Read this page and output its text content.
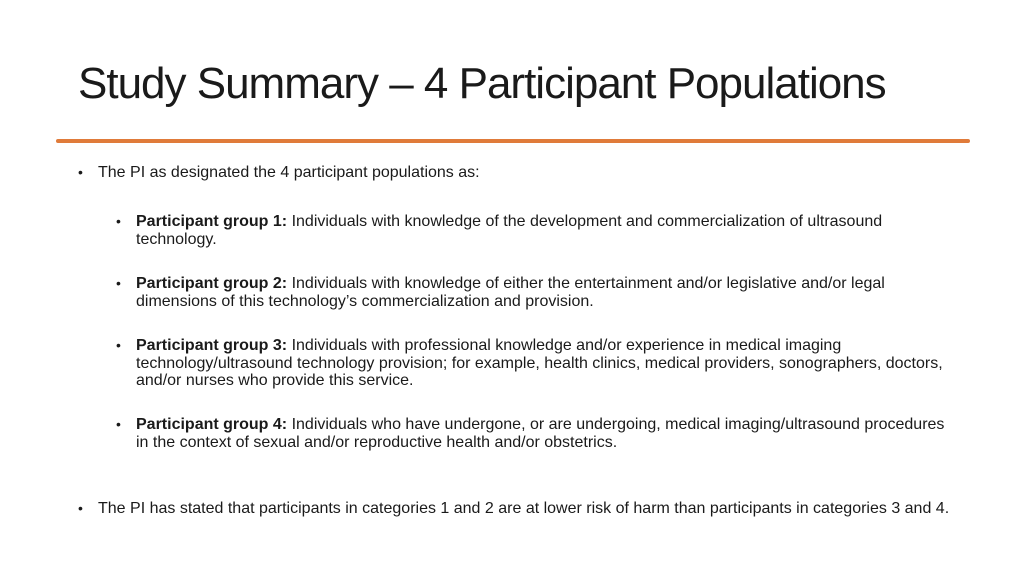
Study Summary – 4 Participant Populations
• The PI as designated the 4 participant populations as:
• Participant group 1: Individuals with knowledge of the development and commercialization of ultrasound technology.
• Participant group 2: Individuals with knowledge of either the entertainment and/or legislative and/or legal dimensions of this technology’s commercialization and provision.
• Participant group 3: Individuals with professional knowledge and/or experience in medical imaging technology/ultrasound technology provision; for example, health clinics, medical providers, sonographers, doctors, and/or nurses who provide this service.
• Participant group 4: Individuals who have undergone, or are undergoing, medical imaging/ultrasound procedures in the context of sexual and/or reproductive health and/or obstetrics.
• The PI has stated that participants in categories 1 and 2 are at lower risk of harm than participants in categories 3 and 4.
